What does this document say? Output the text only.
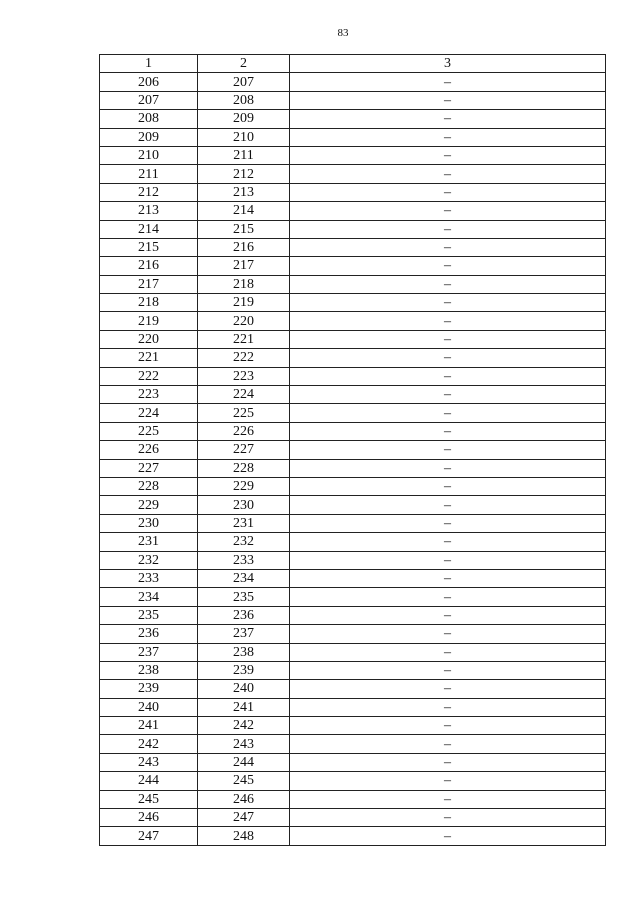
83
1	2	3
206	207	–
207	208	–
208	209	–
209	210	–
210	211	–
211	212	–
212	213	–
213	214	–
214	215	–
215	216	–
216	217	–
217	218	–
218	219	–
219	220	–
220	221	–
221	222	–
222	223	–
223	224	–
224	225	–
225	226	–
226	227	–
227	228	–
228	229	–
229	230	–
230	231	–
231	232	–
232	233	–
233	234	–
234	235	–
235	236	–
236	237	–
237	238	–
238	239	–
239	240	–
240	241	–
241	242	–
242	243	–
243	244	–
244	245	–
245	246	–
246	247	–
247	248	–
